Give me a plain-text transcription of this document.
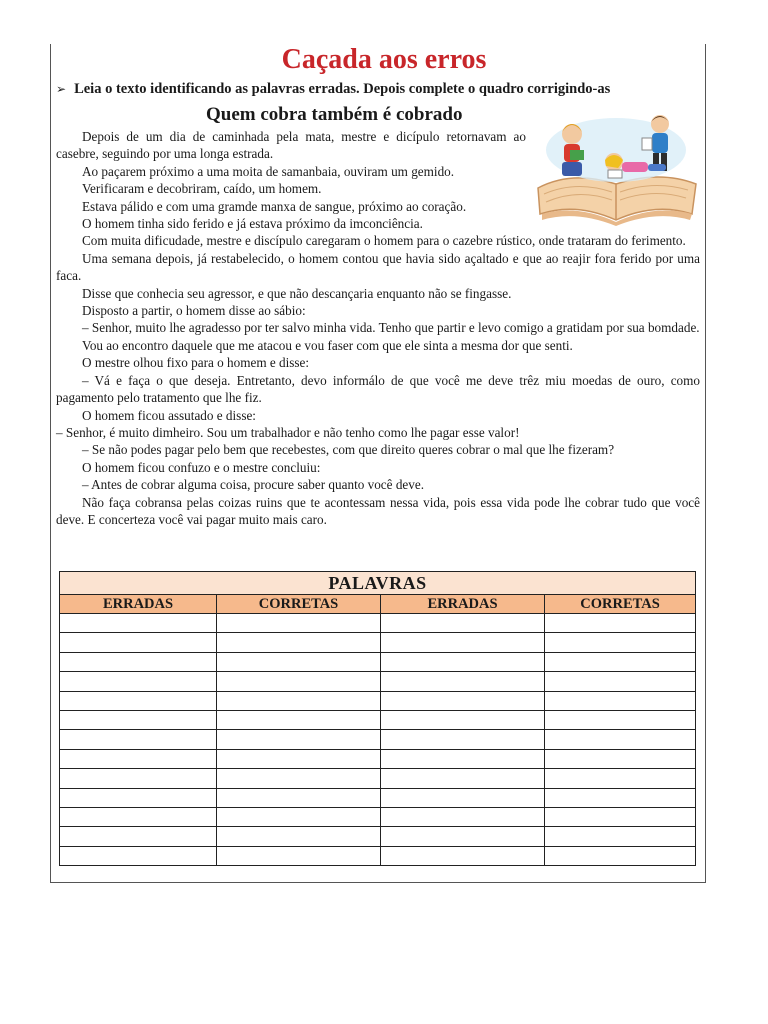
Caçada aos erros
➢ Leia o texto identificando as palavras erradas. Depois complete o quadro corrigindo-as
Quem cobra também é cobrado

Depois de um dia de caminhada pela mata, mestre e dicípulo retornavam ao casebre, seguindo por uma longa estrada.

Ao paçarem próximo a uma moita de samanbaia, ouviram um gemido.

Verificaram e decobriram, caído, um homem.

Estava pálido e com uma gramde manxa de sangue, próximo ao coração.

O homem tinha sido ferido e já estava próximo da imconciência.

Com muita dificudade, mestre e discípulo caregaram o homem para o cazebre rústico, onde trataram do ferimento.

Uma semana depois, já restabelecido, o homem contou que havia sido açaltado e que ao reajir fora ferido por uma faca.

Disse que conhecia seu agressor, e que não descançaria enquanto não se fingasse.

Disposto a partir, o homem disse ao sábio:

– Senhor, muito lhe agradesso por ter salvo minha vida. Tenho que partir e levo comigo a gratidam por sua bomdade.

Vou ao encontro daquele que me atacou e vou faser com que ele sinta a mesma dor que senti.

O mestre olhou fixo para o homem e disse:

– Vá e faça o que deseja. Entretanto, devo informálo de que você me deve trêz miu moedas de ouro, como pagamento pelo tratamento que lhe fiz.

O homem ficou assutado e disse:

– Senhor, é muito dimheiro. Sou um trabalhador e não tenho como lhe pagar esse valor!

– Se não podes pagar pelo bem que recebestes, com que direito queres cobrar o mal que lhe fizeram?

O homem ficou confuzo e o mestre concluiu:

– Antes de cobrar alguma coisa, procure saber quanto você deve.

Não faça cobransa pelas coizas ruins que te acontessam nessa vida, pois essa vida pode lhe cobrar tudo que você deve. E concerteza você vai pagar muito mais caro.

PALAVRAS			
ERRADAS	CORRETAS	ERRADAS	CORRETAS
